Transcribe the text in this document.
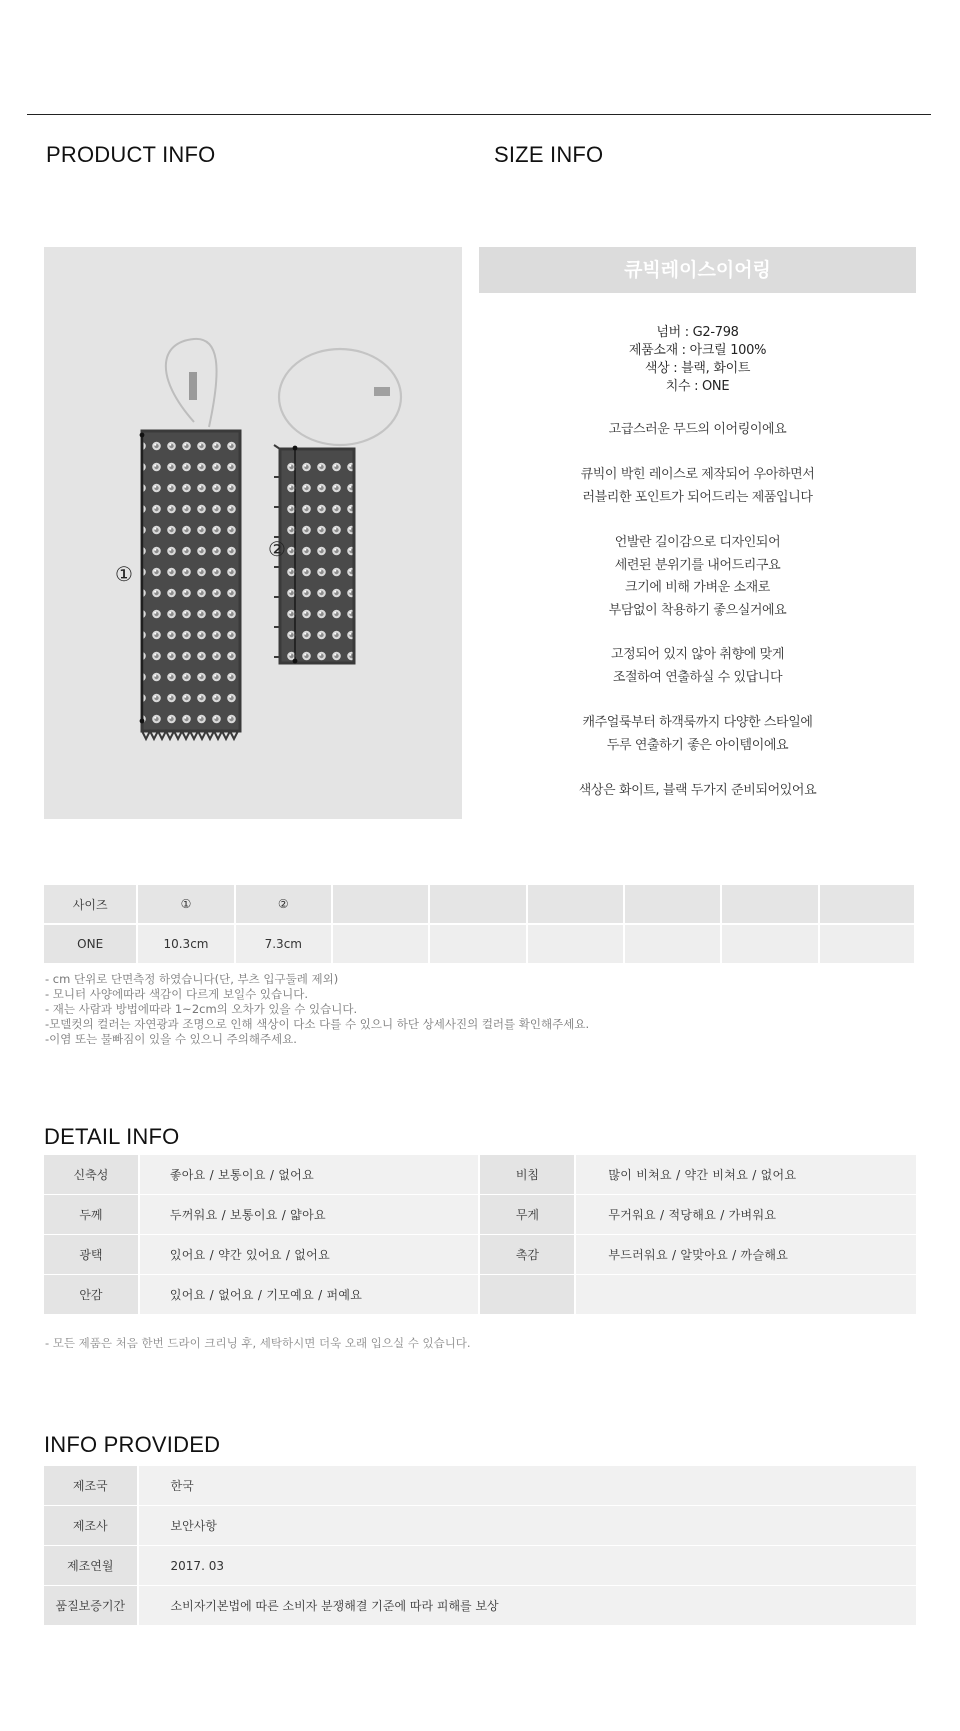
PRODUCT INFO	SIZE INFO
①
②
큐빅레이스이어링
넘버 : G2-798
제품소재 : 아크릴 100%
색상 : 블랙, 화이트
치수 : ONE
고급스러운 무드의 이어링이에요
큐빅이 박힌 레이스로 제작되어 우아하면서
러블리한 포인트가 되어드리는 제품입니다
언발란 길이감으로 디자인되어
세련된 분위기를 내어드리구요
크기에 비해 가벼운 소재로
부담없이 착용하기 좋으실거에요
고정되어 있지 않아 취향에 맞게
조절하여 연출하실 수 있답니다
캐주얼룩부터 하객룩까지 다양한 스타일에
두루 연출하기 좋은 아이템이에요
색상은 화이트, 블랙 두가지 준비되어있어요
사이즈	①	②						
ONE	10.3cm	7.3cm						
- cm 단위로 단면측정 하였습니다(단, 부츠 입구둘레 제외)
- 모니터 사양에따라 색감이 다르게 보일수 있습니다.
- 재는 사람과 방법에따라 1~2cm의 오차가 있을 수 있습니다.
-모델컷의 컬러는 자연광과 조명으로 인해 색상이 다소 다를 수 있으니 하단 상세사진의 컬러를 확인해주세요.
-이염 또는 물빠짐이 있을 수 있으니 주의해주세요.
DETAIL INFO
신축성	좋아요 / 보통이요 / 없어요	비침	많이 비쳐요 / 약간 비쳐요 / 없어요
두께	두꺼워요 / 보통이요 / 얇아요	무게	무거워요 / 적당해요 / 가벼워요
광택	있어요 / 약간 있어요 / 없어요	촉감	부드러워요 / 알맞아요 / 까슬해요
안감	있어요 / 없어요 / 기모예요 / 퍼예요		
- 모든 제품은 처음 한번 드라이 크리닝 후, 세탁하시면 더욱 오래 입으실 수 있습니다.
INFO PROVIDED
제조국	한국
제조사	보안사항
제조연월	2017. 03
품질보증기간	소비자기본법에 따른 소비자 분쟁해결 기준에 따라 피해를 보상
